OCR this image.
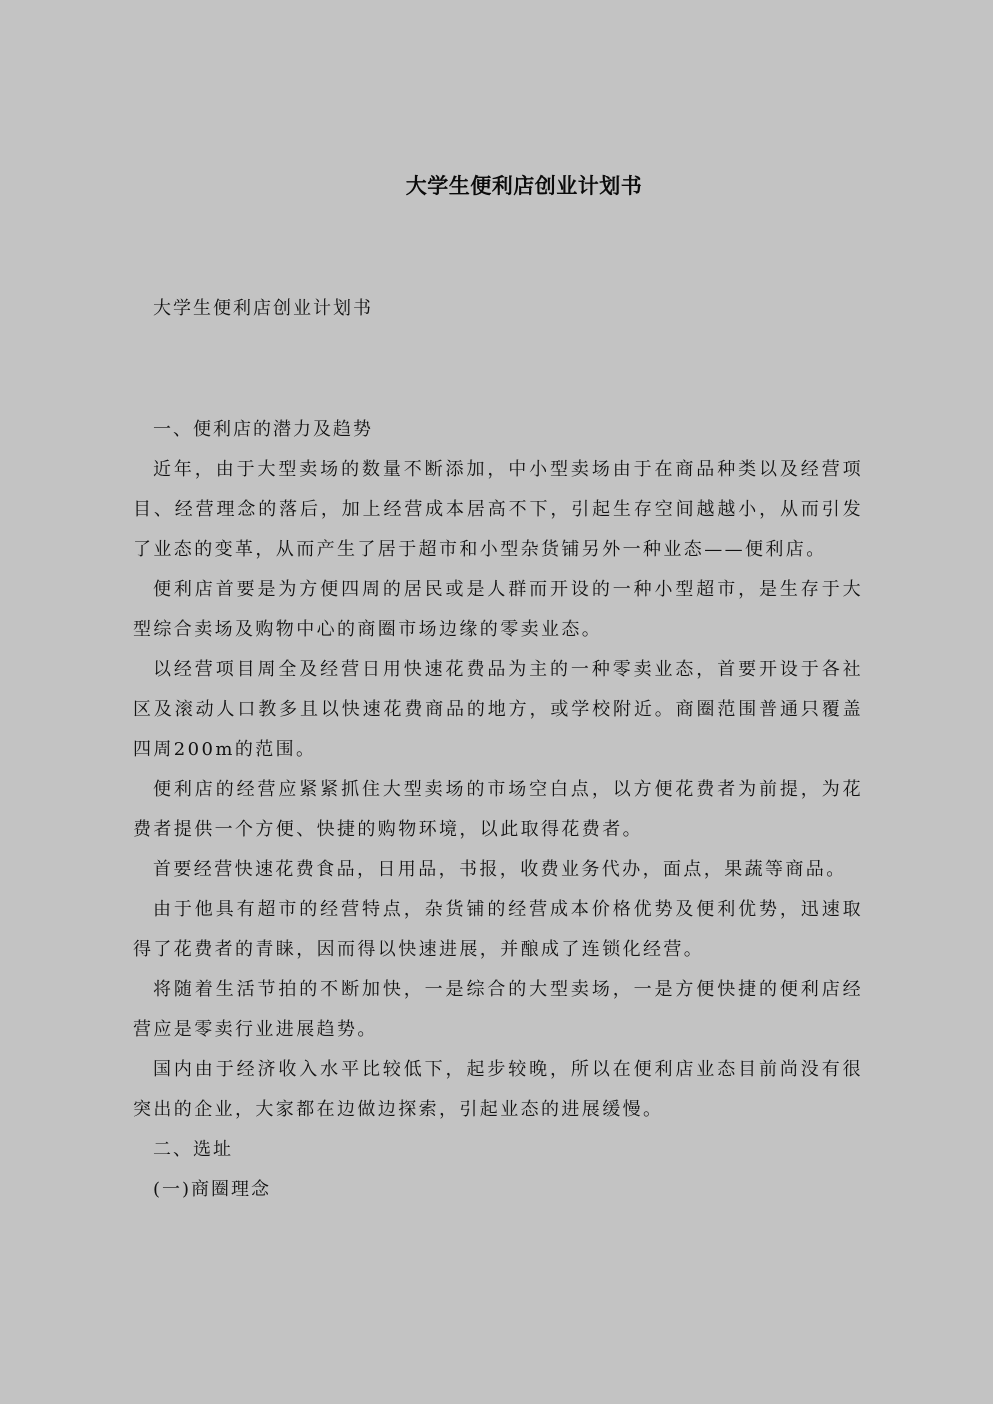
大学生便利店创业计划书
大学生便利店创业计划书

一、便利店的潜力及趋势

近年，由于大型卖场的数量不断添加，中小型卖场由于在商品种类以及经营项目、经营理念的落后，加上经营成本居高不下，引起生存空间越越小，从而引发了业态的变革，从而产生了居于超市和小型杂货铺另外一种业态——便利店。

便利店首要是为方便四周的居民或是人群而开设的一种小型超市，是生存于大型综合卖场及购物中心的商圈市场边缘的零卖业态。

以经营项目周全及经营日用快速花费品为主的一种零卖业态，首要开设于各社区及滚动人口教多且以快速花费商品的地方，或学校附近。商圈范围普通只覆盖四周200m的范围。

便利店的经营应紧紧抓住大型卖场的市场空白点，以方便花费者为前提，为花费者提供一个方便、快捷的购物环境，以此取得花费者。

首要经营快速花费食品，日用品，书报，收费业务代办，面点，果蔬等商品。

由于他具有超市的经营特点，杂货铺的经营成本价格优势及便利优势，迅速取得了花费者的青睐，因而得以快速进展，并酿成了连锁化经营。

将随着生活节拍的不断加快，一是综合的大型卖场，一是方便快捷的便利店经营应是零卖行业进展趋势。

国内由于经济收入水平比较低下，起步较晚，所以在便利店业态目前尚没有很突出的企业，大家都在边做边探索，引起业态的进展缓慢。

二、选址

(一)商圈理念
